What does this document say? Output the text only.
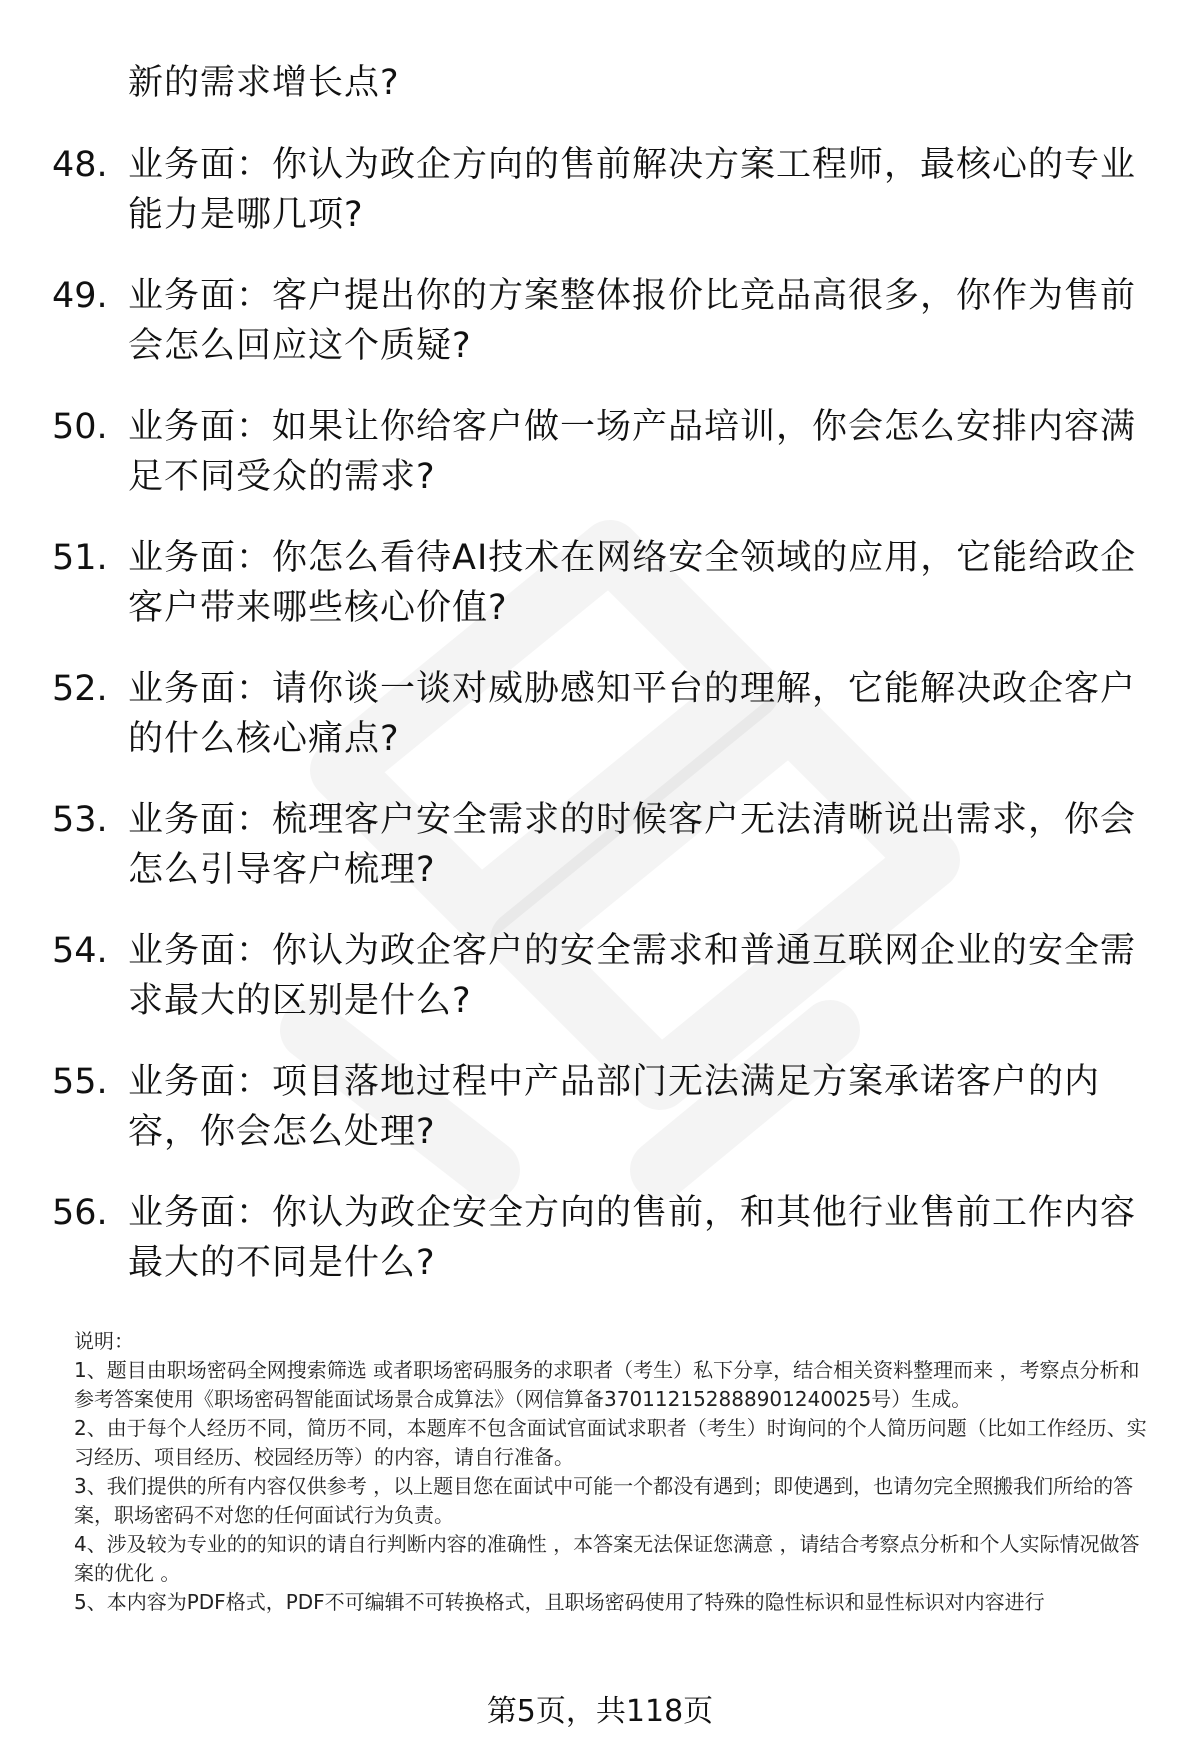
新的需求增长点?
48. 业务面：你认为政企方向的售前解决方案工程师，最核心的专业能力是哪几项?
49. 业务面：客户提出你的方案整体报价比竞品高很多，你作为售前会怎么回应这个质疑?
50. 业务面：如果让你给客户做一场产品培训，你会怎么安排内容满足不同受众的需求?
51. 业务面：你怎么看待AI技术在网络安全领域的应用，它能给政企客户带来哪些核心价值?
52. 业务面：请你谈一谈对威胁感知平台的理解，它能解决政企客户的什么核心痛点?
53. 业务面：梳理客户安全需求的时候客户无法清晰说出需求，你会怎么引导客户梳理?
54. 业务面：你认为政企客户的安全需求和普通互联网企业的安全需求最大的区别是什么?
55. 业务面：项目落地过程中产品部门无法满足方案承诺客户的内容，你会怎么处理?
56. 业务面：你认为政企安全方向的售前，和其他行业售前工作内容最大的不同是什么?

说明：

1、题目由职场密码全网搜索筛选 或者职场密码服务的求职者（考生）私下分享，结合相关资料整理而来 ，考察点分析和参考答案使用《职场密码智能面试场景合成算法》（网信算备370112152888901240025号）生成。

2、由于每个人经历不同，简历不同，本题库不包含面试官面试求职者（考生）时询问的个人简历问题（比如工作经历、实习经历、项目经历、校园经历等）的内容，请自行准备。

3、我们提供的所有内容仅供参考 ，以上题目您在面试中可能一个都没有遇到；即使遇到，也请勿完全照搬我们所给的答案，职场密码不对您的任何面试行为负责。

4、涉及较为专业的的知识的请自行判断内容的准确性 ，本答案无法保证您满意 ，请结合考察点分析和个人实际情况做答案的优化 。

5、本内容为PDF格式，PDF不可编辑不可转换格式，且职场密码使用了特殊的隐性标识和显性标识对内容进行

第5页，共118页
